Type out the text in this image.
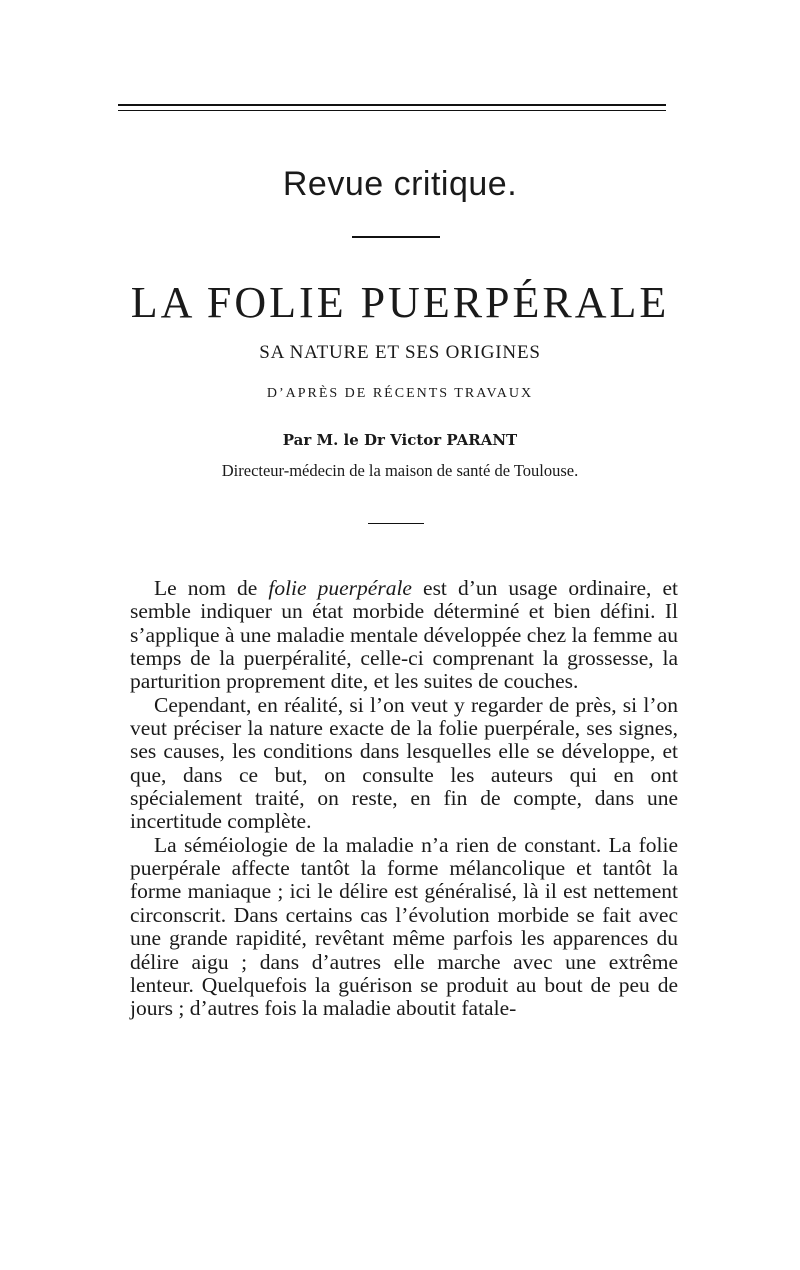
Revue critique.
LA FOLIE PUERPÉRALE
SA NATURE ET SES ORIGINES
D’APRÈS DE RÉCENTS TRAVAUX
Par M. le Dr Victor PARANT
Directeur-médecin de la maison de santé de Toulouse.

Le nom de folie puerpérale est d’un usage ordinaire, et semble indiquer un état morbide déterminé et bien défini. Il s’applique à une maladie mentale développée chez la femme au temps de la puerpéralité, celle-ci comprenant la grossesse, la parturition proprement dite, et les suites de couches.

Cependant, en réalité, si l’on veut y regarder de près, si l’on veut préciser la nature exacte de la folie puerpérale, ses signes, ses causes, les conditions dans lesquelles elle se développe, et que, dans ce but, on consulte les auteurs qui en ont spécialement traité, on reste, en fin de compte, dans une incertitude complète.

La séméiologie de la maladie n’a rien de constant. La folie puerpérale affecte tantôt la forme mélancolique et tantôt la forme maniaque ; ici le délire est généralisé, là il est nettement circonscrit. Dans certains cas l’évolution morbide se fait avec une grande rapidité, revêtant même parfois les apparences du délire aigu ; dans d’autres elle marche avec une extrême lenteur. Quelquefois la guérison se produit au bout de peu de jours ; d’autres fois la maladie aboutit fatale-
